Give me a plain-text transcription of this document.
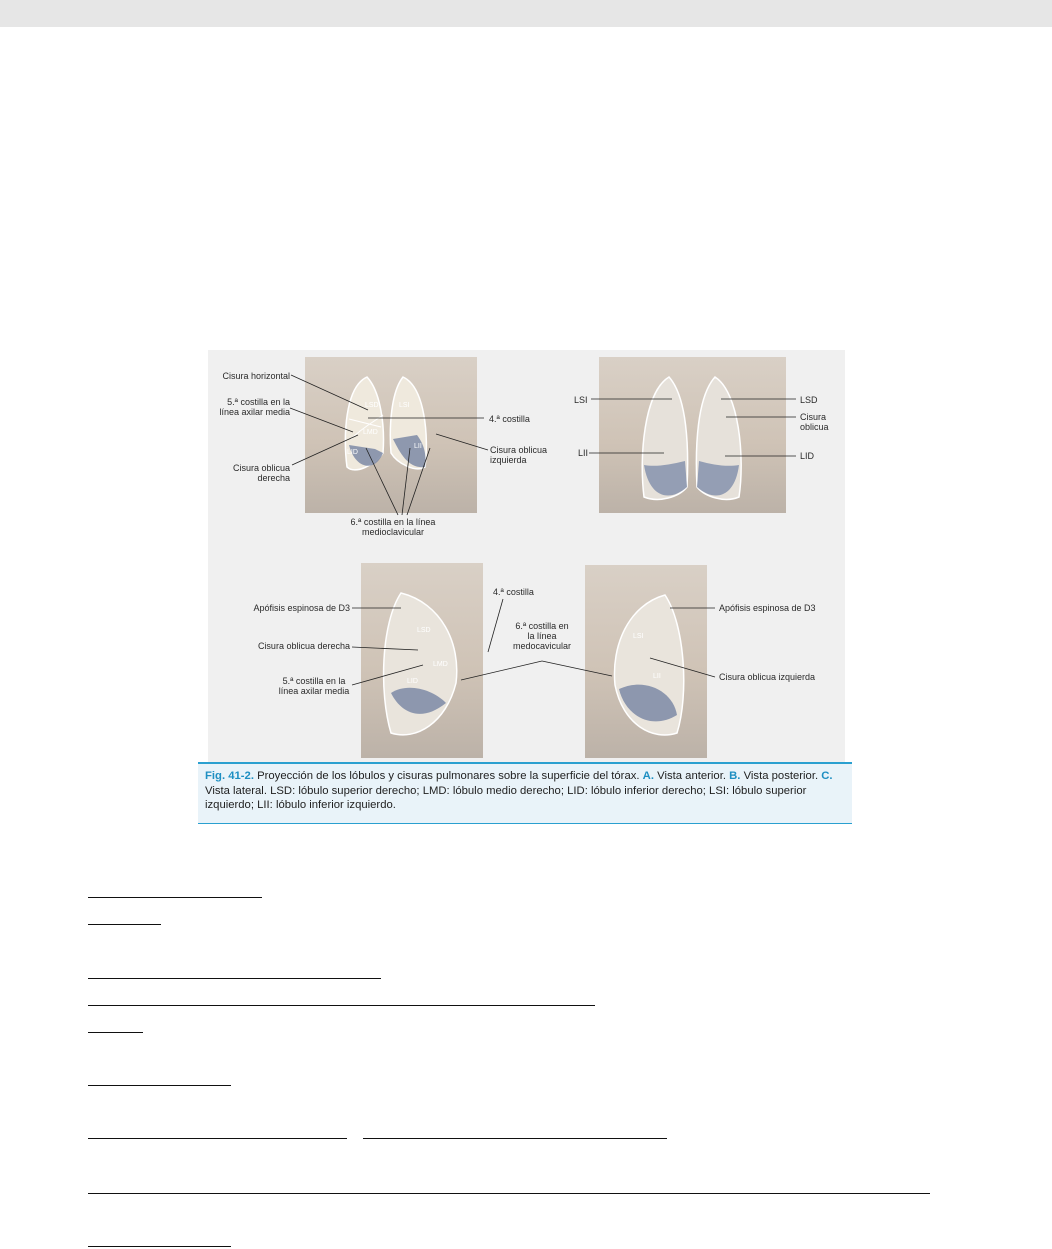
LSD	LSI
LMD
LID
LII
LSD
LMD
LID
LSI
LII
Cisura horizontal
5.ª costilla en la
línea axilar media
Cisura oblicua
derecha
4.ª costilla
Cisura oblicua
izquierda
6.ª costilla en la línea
medioclavicular
LSI
LII
LSD
Cisura
oblicua
LID
Apófisis espinosa de D3
Cisura oblicua derecha
5.ª costilla en la
línea axilar media
4.ª costilla
6.ª costilla en
la línea
medocavicular
Apófisis espinosa de D3
Cisura oblicua izquierda

Fig. 41-2. Proyección de los lóbulos y cisuras pulmonares sobre la superficie del tórax. A. Vista anterior. B. Vista posterior. C. Vista lateral. LSD: lóbulo superior derecho; LMD: lóbulo medio derecho; LID: lóbulo inferior derecho; LSI: lóbulo superior izquierdo; LII: lóbulo inferior izquierdo.
